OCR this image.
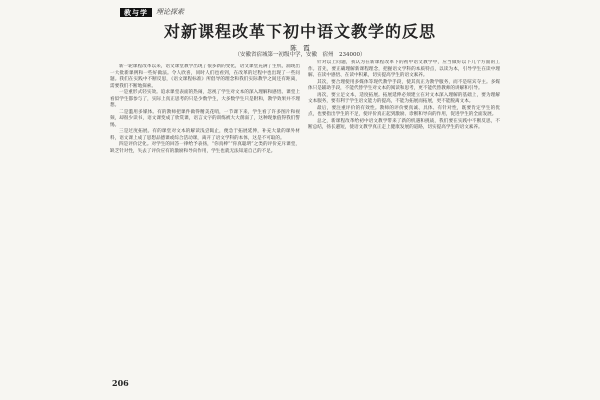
教与学	理论探索
对新课程改革下初中语文教学的反思
陈　霞
（安徽省宿城第一初级中学，安徽　宿州　234000）

新一轮课程改革以来，语文课堂教学出现了很多新的变化，语文课堂充满了生机，涌现出一大批新课例和一些好做法。令人欣喜，同时人们也看到，在改革的过程中也出现了一些问题。我们在实践中不断反思，《语文课程标准》所倡导的理念和我们实际教学之间还有距离，需要我们不断地探索。

一是重形式轻实效。追求课堂表面的热闹，忽视了学生对文本的深入理解和感悟。课堂上看似学生都参与了，实际上真正思考的只是少数学生，大多数学生只是附和，教学效果并不理想。

二是滥用多媒体。有的教师把课件做得精美花哨，一节课下来，学生看了许多图片和视频，却很少读书，语文课变成了欣赏课，语言文字的训练被大大削弱了，这种现象值得我们警惕。

三是过度拓展。有的课堂对文本的解读浅尝辄止，便急于拓展延伸，补充大量的课外材料，语文课上成了思想品德课或综合活动课，离开了语文学科的本体，这是不可取的。

四是评价泛化。对学生的回答一律给予表扬，“你真棒”“你真聪明”之类的评价充斥课堂，缺乏针对性，失去了评价应有的激励和导向作用，学生也就无法知道自己的不足。

针对以上问题，我认为在新课程改革下的初中语文教学中，应当做好以下几个方面的工作。首先，要正确理解新课程理念，把握语文学科的本质特点，以读为本，引导学生在读中理解、在读中感悟、在读中积累，切实提高学生的语文素养。

其次，要合理使用多媒体等现代教学手段，使其真正为教学服务，而不是喧宾夺主。多媒体只是辅助手段，不能代替学生对文本的阅读和思考，更不能代替教师的讲解和引导。

再次，要立足文本，适度拓展。拓展延伸必须建立在对文本深入理解的基础上，要为理解文本服务，要有利于学生语文能力的提高，不能为拓展而拓展，更不能脱离文本。

最后，要注重评价的有效性。教师的评价要真诚、具体、有针对性，既要肯定学生的优点，也要指出学生的不足，使评价真正起到激励、诊断和导向的作用，促进学生的全面发展。

总之，新课程改革给初中语文教学带来了新的机遇和挑战，我们要在实践中不断反思，不断总结，扬长避短，使语文教学真正走上健康发展的道路，切实提高学生的语文素养。

206
